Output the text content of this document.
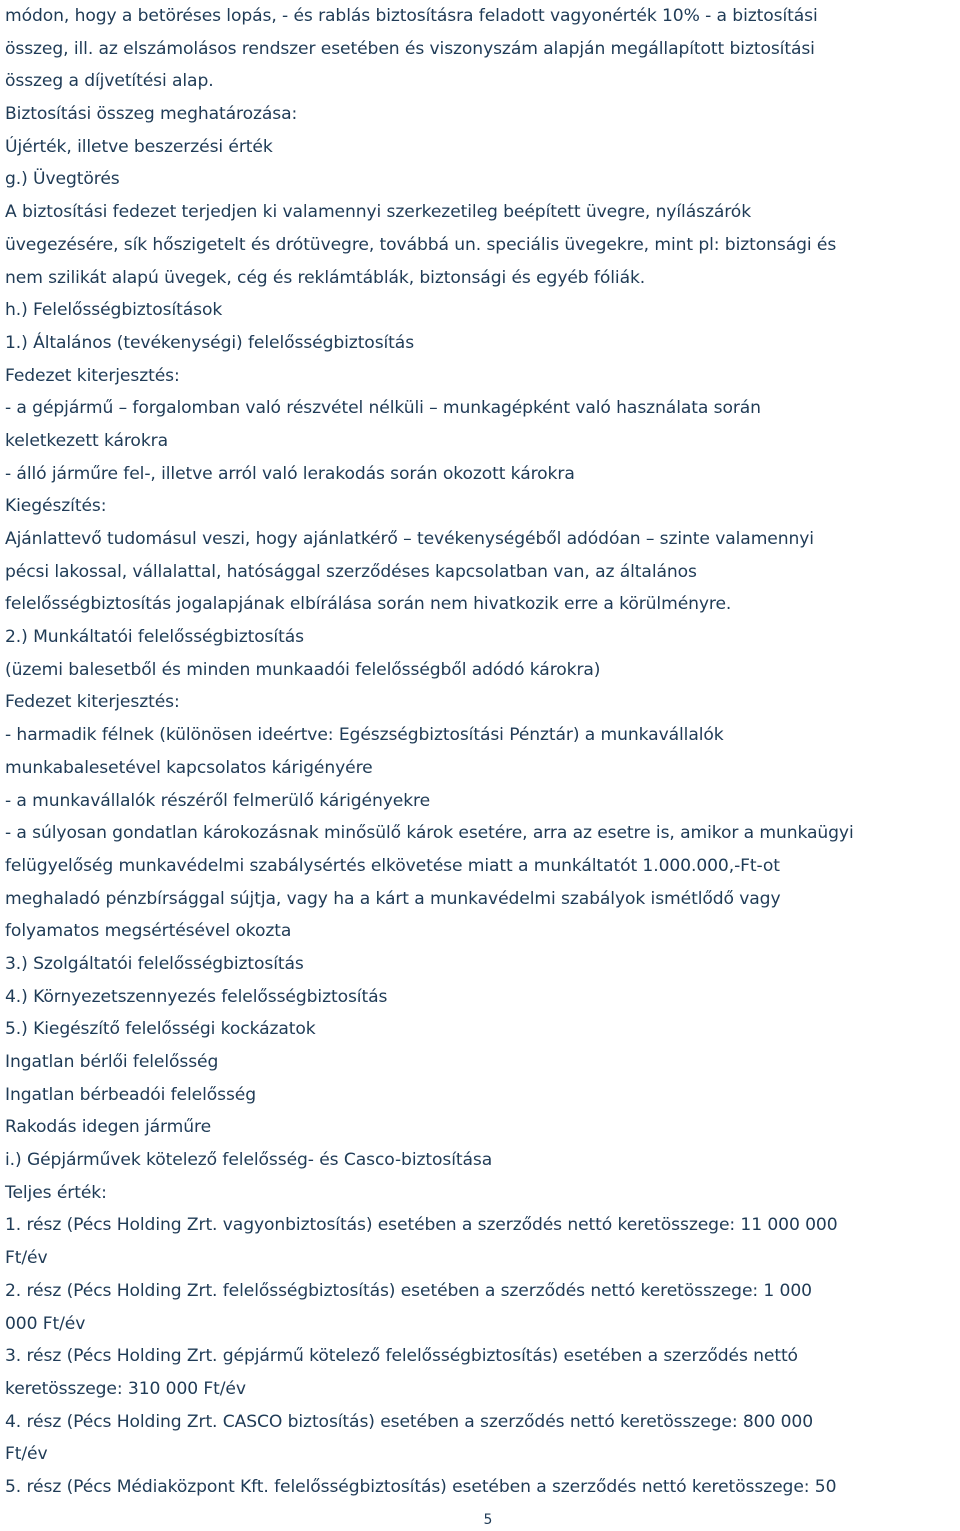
módon, hogy a betöréses lopás, - és rablás biztosításra feladott vagyonérték 10% - a biztosítási
összeg, ill. az elszámolásos rendszer esetében és viszonyszám alapján megállapított biztosítási
összeg a díjvetítési alap.
Biztosítási összeg meghatározása:
Újérték, illetve beszerzési érték
g.) Üvegtörés
A biztosítási fedezet terjedjen ki valamennyi szerkezetileg beépített üvegre, nyílászárók
üvegezésére, sík hőszigetelt és drótüvegre, továbbá un. speciális üvegekre, mint pl: biztonsági és
nem szilikát alapú üvegek, cég és reklámtáblák, biztonsági és egyéb fóliák.
h.) Felelősségbiztosítások
1.) Általános (tevékenységi) felelősségbiztosítás
Fedezet kiterjesztés:
- a gépjármű – forgalomban való részvétel nélküli – munkagépként való használata során
keletkezett károkra
- álló járműre fel-, illetve arról való lerakodás során okozott károkra
Kiegészítés:
Ajánlattevő tudomásul veszi, hogy ajánlatkérő – tevékenységéből adódóan – szinte valamennyi
pécsi lakossal, vállalattal, hatósággal szerződéses kapcsolatban van, az általános
felelősségbiztosítás jogalapjának elbírálása során nem hivatkozik erre a körülményre.
2.) Munkáltatói felelősségbiztosítás
(üzemi balesetből és minden munkaadói felelősségből adódó károkra)
Fedezet kiterjesztés:
- harmadik félnek (különösen ideértve: Egészségbiztosítási Pénztár) a munkavállalók
munkabalesetével kapcsolatos kárigényére
- a munkavállalók részéről felmerülő kárigényekre
- a súlyosan gondatlan károkozásnak minősülő károk esetére, arra az esetre is, amikor a munkaügyi
felügyelőség munkavédelmi szabálysértés elkövetése miatt a munkáltatót 1.000.000,-Ft-ot
meghaladó pénzbírsággal sújtja, vagy ha a kárt a munkavédelmi szabályok ismétlődő vagy
folyamatos megsértésével okozta
3.) Szolgáltatói felelősségbiztosítás
4.) Környezetszennyezés felelősségbiztosítás
5.) Kiegészítő felelősségi kockázatok
Ingatlan bérlői felelősség
Ingatlan bérbeadói felelősség
Rakodás idegen járműre
i.) Gépjárművek kötelező felelősség- és Casco-biztosítása
Teljes érték:
1. rész (Pécs Holding Zrt. vagyonbiztosítás) esetében a szerződés nettó keretösszege: 11 000 000
Ft/év
2. rész (Pécs Holding Zrt. felelősségbiztosítás) esetében a szerződés nettó keretösszege: 1 000
000 Ft/év
3. rész (Pécs Holding Zrt. gépjármű kötelező felelősségbiztosítás) esetében a szerződés nettó
keretösszege: 310 000 Ft/év
4. rész (Pécs Holding Zrt. CASCO biztosítás) esetében a szerződés nettó keretösszege: 800 000
Ft/év
5. rész (Pécs Médiaközpont Kft. felelősségbiztosítás) esetében a szerződés nettó keretösszege: 50
5
